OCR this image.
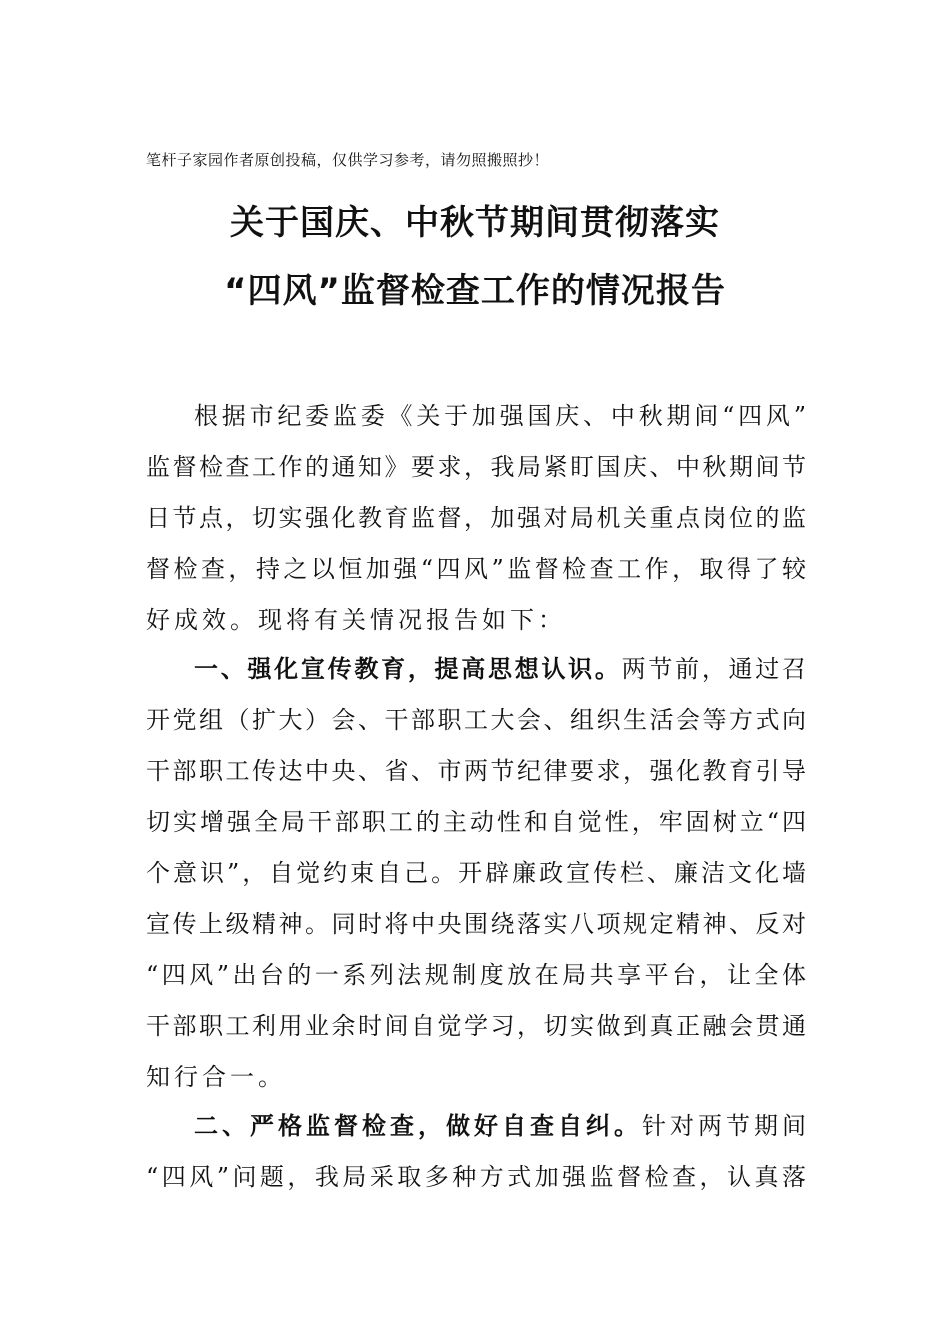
笔杆子家园作者原创投稿，仅供学习参考，请勿照搬照抄！
关于国庆、中秋节期间贯彻落实
“四风”监督检查工作的情况报告
根据市纪委监委《关于加强国庆、中秋期间“四风”
监督检查工作的通知》要求，我局紧盯国庆、中秋期间节
日节点，切实强化教育监督，加强对局机关重点岗位的监
督检查，持之以恒加强“四风”监督检查工作，取得了较
好成效。现将有关情况报告如下：
一、强化宣传教育，提高思想认识。两节前，通过召
开党组（扩大）会、干部职工大会、组织生活会等方式向
干部职工传达中央、省、市两节纪律要求，强化教育引导
切实增强全局干部职工的主动性和自觉性，牢固树立“四
个意识”，自觉约束自己。开辟廉政宣传栏、廉洁文化墙
宣传上级精神。同时将中央围绕落实八项规定精神、反对
“四风”出台的一系列法规制度放在局共享平台，让全体
干部职工利用业余时间自觉学习，切实做到真正融会贯通
知行合一。
二、严格监督检查，做好自查自纠。针对两节期间
“四风”问题，我局采取多种方式加强监督检查，认真落
